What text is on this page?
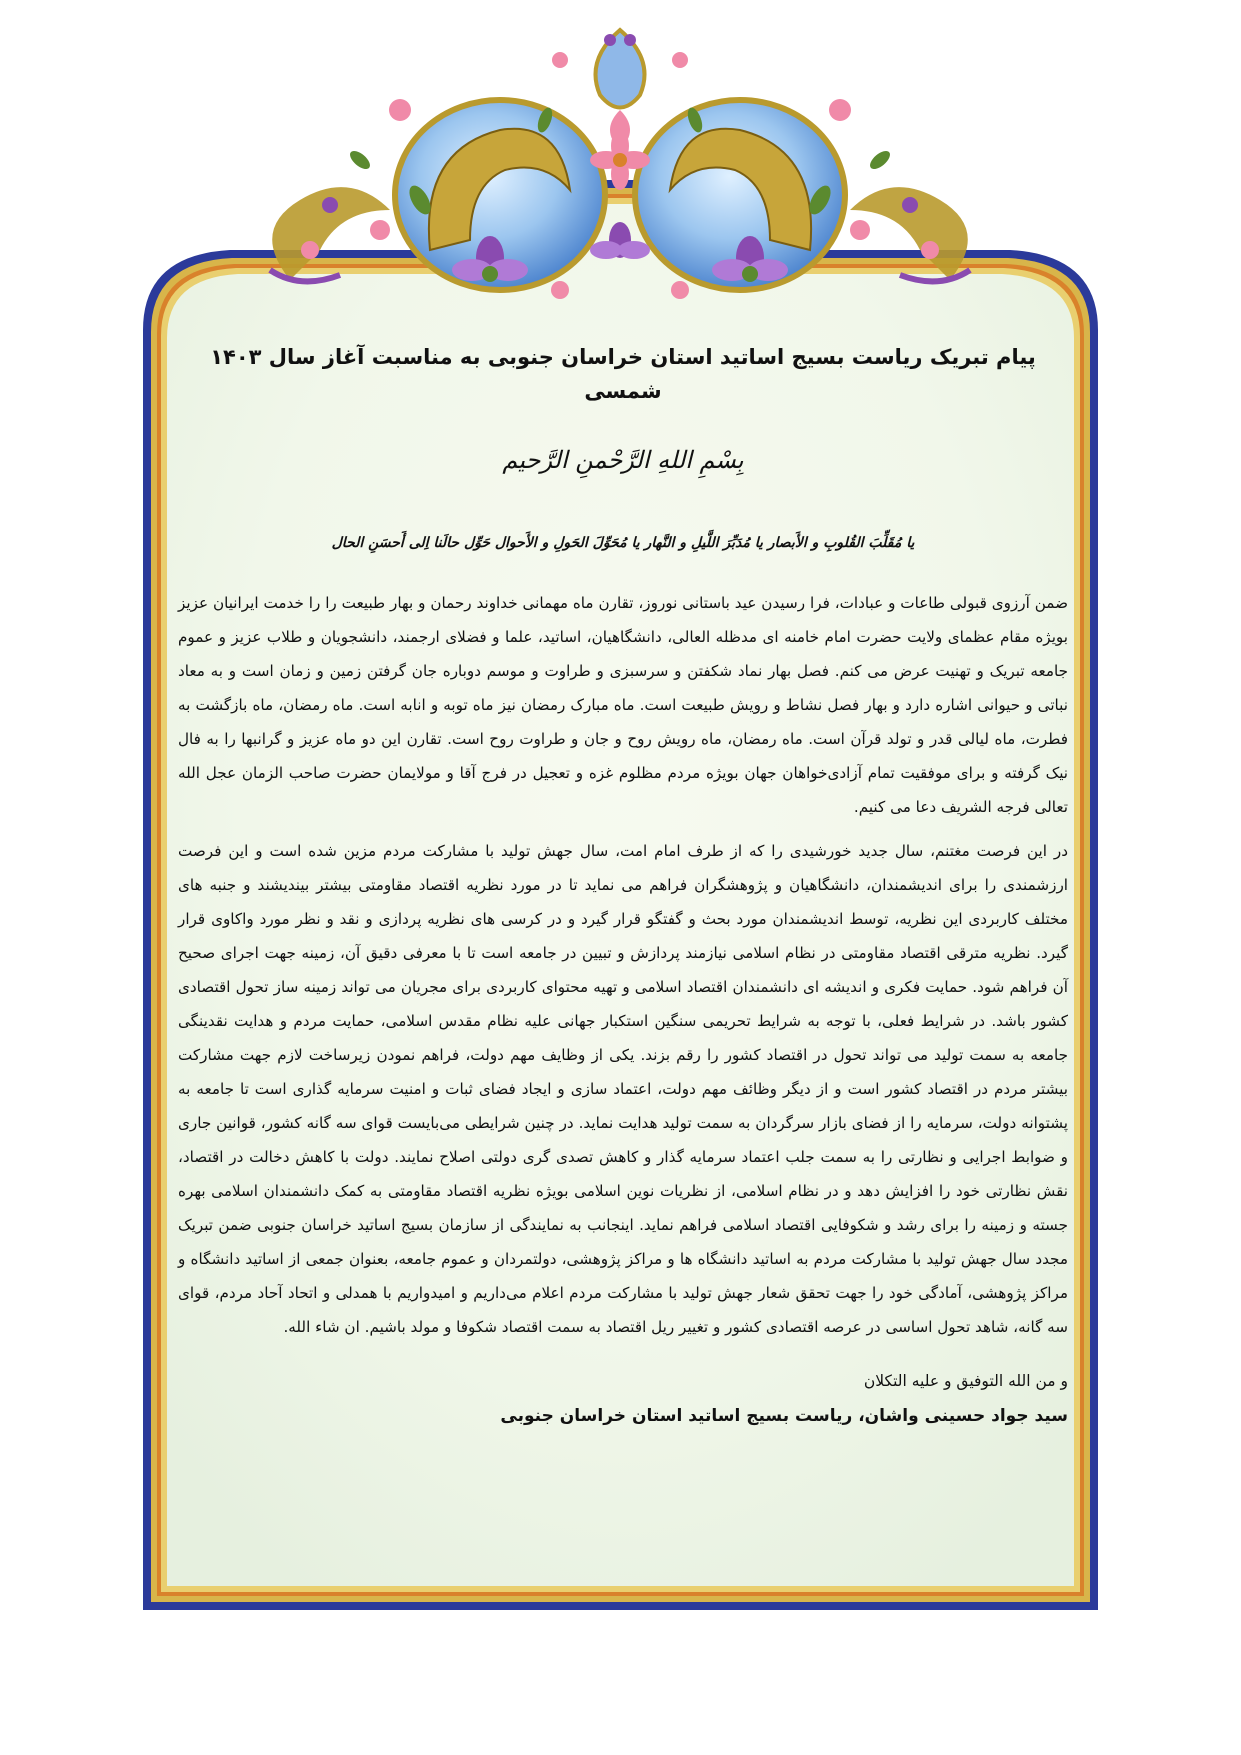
پیام تبریک ریاست بسیج اساتید استان خراسان جنوبی به مناسبت آغاز سال ۱۴۰۳ شمسی
بِسْمِ اللهِ الرَّحْمنِ الرَّحیم
یا مُقَلِّبَ القُلوبِ و الأَبصار یا مُدَبِّرَ اللَّیلِ و النَّهار یا مُحَوِّلَ الحَولِ و الأَحوال حَوِّل حالَنا اِلی أَحسَنِ الحال

ضمن آرزوی قبولی طاعات و عبادات، فرا رسیدن عید باستانی نوروز، تقارن ماه مهمانی خداوند رحمان و بهار طبیعت را را خدمت ایرانیان عزیز بویژه مقام عظمای ولایت حضرت امام خامنه ای مدظله العالی، دانشگاهیان، اساتید، علما و فضلای ارجمند، دانشجویان و طلاب عزیز و عموم جامعه تبریک و تهنیت عرض می کنم. فصل بهار نماد شکفتن و سرسبزی و طراوت و موسم دوباره جان گرفتن زمین و زمان است و به معاد نباتی و حیوانی اشاره دارد و بهار فصل نشاط و رویش طبیعت است. ماه مبارک رمضان نیز ماه توبه و انابه است. ماه رمضان، ماه بازگشت به فطرت، ماه لیالی قدر و تولد قرآن است. ماه رمضان، ماه رویش روح و جان و طراوت روح است. تقارن این دو ماه عزیز و گرانبها را به فال نیک گرفته و برای موفقیت تمام آزادی‌خواهان جهان بویژه مردم مظلوم غزه و تعجیل در فرج آقا و مولایمان حضرت صاحب الزمان عجل الله تعالی فرجه الشریف دعا می کنیم.

در این فرصت مغتنم، سال جدید خورشیدی را که از طرف امام امت، سال جهش تولید با مشارکت مردم مزین شده است و این فرصت ارزشمندی را برای اندیشمندان، دانشگاهیان و پژوهشگران فراهم می نماید تا در مورد نظریه اقتصاد مقاومتی بیشتر بیندیشند و جنبه های مختلف کاربردی این نظریه، توسط اندیشمندان مورد بحث و گفتگو قرار گیرد و در کرسی های نظریه پردازی و نقد و نظر مورد واکاوی قرار گیرد. نظریه مترقی اقتصاد مقاومتی در نظام اسلامی نیازمند پردازش و تبیین در جامعه است تا با معرفی دقیق آن، زمینه جهت اجرای صحیح آن فراهم شود. حمایت فکری و اندیشه ای دانشمندان اقتصاد اسلامی و تهیه محتوای کاربردی برای مجریان می تواند زمینه ساز تحول اقتصادی کشور باشد. در شرایط فعلی، با توجه به شرایط تحریمی سنگین استکبار جهانی علیه نظام مقدس اسلامی، حمایت مردم و هدایت نقدینگی جامعه به سمت تولید می تواند تحول در اقتصاد کشور را رقم بزند. یکی از وظایف مهم دولت، فراهم نمودن زیرساخت لازم جهت مشارکت بیشتر مردم در اقتصاد کشور است و از دیگر وظائف مهم دولت، اعتماد سازی و ایجاد فضای ثبات و امنیت سرمایه گذاری است تا جامعه به پشتوانه دولت، سرمایه را از فضای بازار سرگردان به سمت تولید هدایت نماید. در چنین شرایطی می‌بایست قوای سه گانه کشور، قوانین جاری و ضوابط اجرایی و نظارتی را به سمت جلب اعتماد سرمایه گذار و کاهش تصدی گری دولتی اصلاح نمایند. دولت با کاهش دخالت در اقتصاد، نقش نظارتی خود را افزایش دهد و در نظام اسلامی، از نظریات نوین اسلامی بویژه نظریه اقتصاد مقاومتی به کمک دانشمندان اسلامی بهره جسته و زمینه را برای رشد و شکوفایی اقتصاد اسلامی فراهم نماید. اینجانب به نمایندگی از سازمان بسیج اساتید خراسان جنوبی ضمن تبریک مجدد سال جهش تولید با مشارکت مردم به اساتید دانشگاه ها و مراکز پژوهشی، دولتمردان و عموم جامعه، بعنوان جمعی از اساتید دانشگاه و مراکز پژوهشی، آمادگی خود را جهت تحقق شعار جهش تولید با مشارکت مردم اعلام می‌داریم و امیدواریم با همدلی و اتحاد آحاد مردم، قوای سه گانه، شاهد تحول اساسی در عرصه اقتصادی کشور و تغییر ریل اقتصاد به سمت اقتصاد شکوفا و مولد باشیم. ان شاء الله.

و من الله التوفیق و علیه التکلان
سید جواد حسینی واشان، ریاست بسیج اساتید استان خراسان جنوبی
